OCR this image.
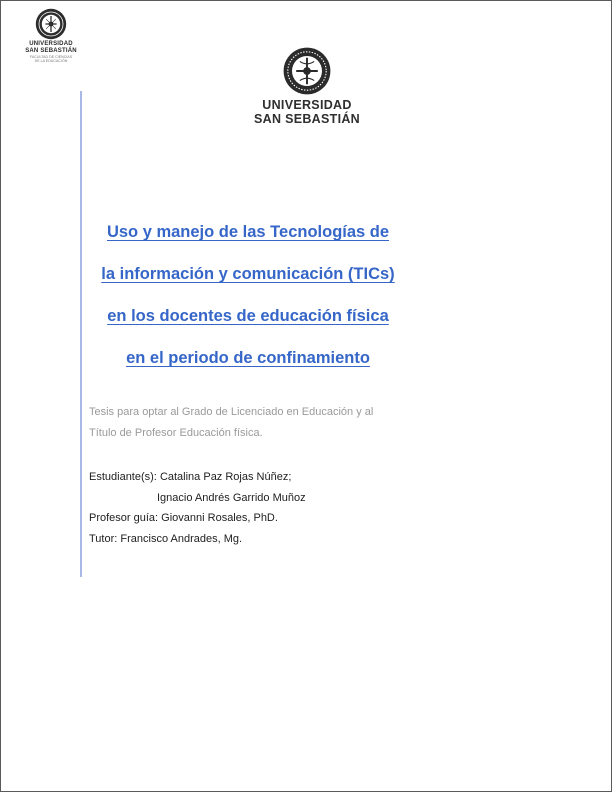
UNIVERSIDAD
SAN SEBASTIÁN
FACULTAD DE CIENCIAS
DE LA EDUCACIÓN
UNIVERSIDAD
SAN SEBASTIÁN
Uso y manejo de las Tecnologías de
la información y comunicación (TICs)
en los docentes de educación física
en el periodo de confinamiento
Tesis para optar al Grado de Licenciado en Educación y al
Título de Profesor Educación física.
Estudiante(s): Catalina Paz Rojas Núñez;
Ignacio Andrés Garrido Muñoz
Profesor guía: Giovanni Rosales, PhD.
Tutor: Francisco Andrades, Mg.
